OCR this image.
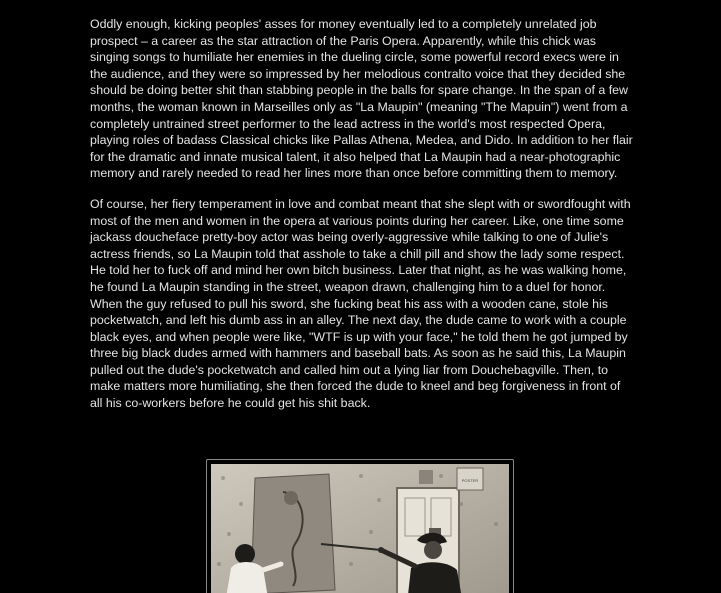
Oddly enough, kicking peoples' asses for money eventually led to a completely unrelated job prospect – a career as the star attraction of the Paris Opera. Apparently, while this chick was singing songs to humiliate her enemies in the dueling circle, some powerful record execs were in the audience, and they were so impressed by her melodious contralto voice that they decided she should be doing better shit than stabbing people in the balls for spare change. In the span of a few months, the woman known in Marseilles only as "La Maupin" (meaning "The Mapuin") went from a completely untrained street performer to the lead actress in the world's most respected Opera, playing roles of badass Classical chicks like Pallas Athena, Medea, and Dido. In addition to her flair for the dramatic and innate musical talent, it also helped that La Maupin had a near-photographic memory and rarely needed to read her lines more than once before committing them to memory.

Of course, her fiery temperament in love and combat meant that she slept with or swordfought with most of the men and women in the opera at various points during her career. Like, one time some jackass doucheface pretty-boy actor was being overly-aggressive while talking to one of Julie's actress friends, so La Maupin told that asshole to take a chill pill and show the lady some respect. He told her to fuck off and mind her own bitch business. Later that night, as he was walking home, he found La Maupin standing in the street, weapon drawn, challenging him to a duel for honor. When the guy refused to pull his sword, she fucking beat his ass with a wooden cane, stole his pocketwatch, and left his dumb ass in an alley. The next day, the dude came to work with a couple black eyes, and when people were like, "WTF is up with your face," he told them he got jumped by three big black dudes armed with hammers and baseball bats. As soon as he said this, La Maupin pulled out the dude's pocketwatch and called him out a lying liar from Douchebagville. Then, to make matters more humiliating, she then forced the dude to kneel and beg forgiveness in front of all his co-workers before he could get his shit back.

POSTER
